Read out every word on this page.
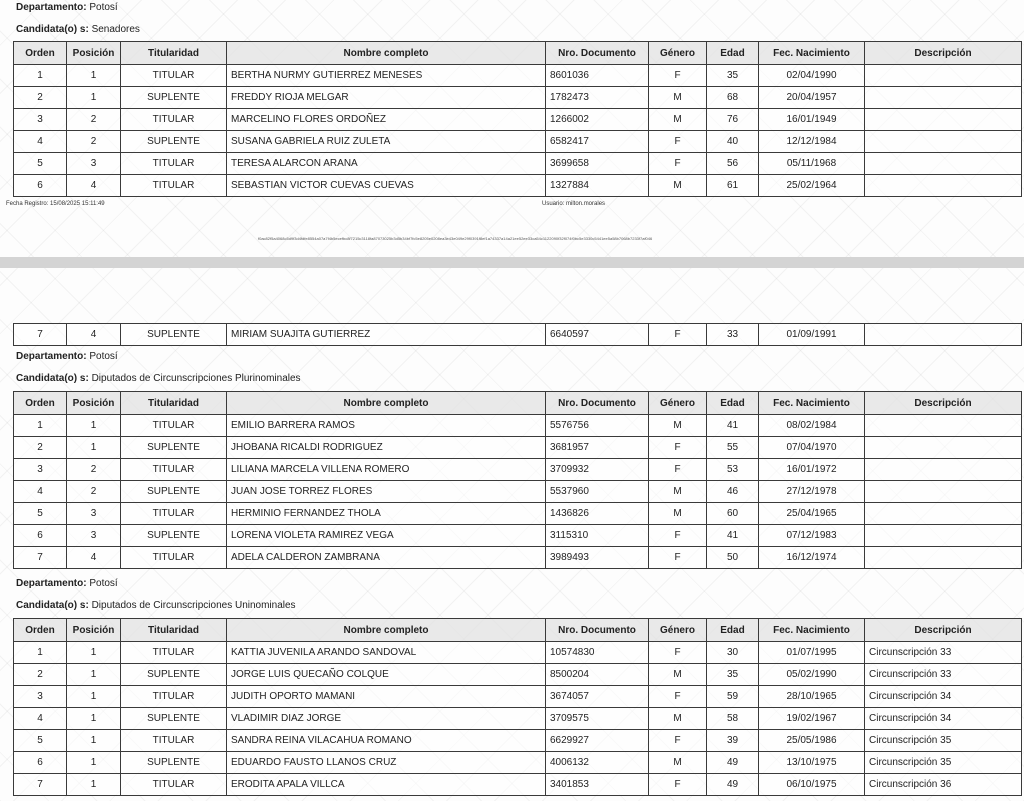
Departamento: Potosí
Candidata(o) s: Senadores
Orden	Posición	Titularidad	Nombre completo	Nro. Documento	Género	Edad	Fec. Nacimiento	Descripción
1	1	TITULAR	BERTHA NURMY GUTIERREZ MENESES	8601036	F	35	02/04/1990	
2	1	SUPLENTE	FREDDY RIOJA MELGAR	1782473	M	68	20/04/1957	
3	2	TITULAR	MARCELINO FLORES ORDOÑEZ	1266002	M	76	16/01/1949	
4	2	SUPLENTE	SUSANA GABRIELA RUIZ ZULETA	6582417	F	40	12/12/1984	
5	3	TITULAR	TERESA ALARCON ARANA	3699658	F	56	05/11/1968	
6	4	TITULAR	SEBASTIAN VICTOR CUEVAS CUEVAS	1327884	M	61	25/02/1964	
Fecha Registro: 15/08/2025 15:11:49	Usuario: milton.morales
f0ac82f5a4068c5d9f3d4fdfe8554a07a7f4b5ecefbc8f7215c3118fa87073025b3d5b34bf7fc5e8205e0208ea3e43e049e29f0391f8ef1a74337a14a21ee52ee33ca54c1122090f32f074f0bc5e3330c5441ee5a58b7068b7233f7af046
7	4	SUPLENTE	MIRIAM SUAJITA GUTIERREZ	6640597	F	33	01/09/1991	
Departamento: Potosí
Candidata(o) s: Diputados de Circunscripciones Plurinominales
Orden	Posición	Titularidad	Nombre completo	Nro. Documento	Género	Edad	Fec. Nacimiento	Descripción
1	1	TITULAR	EMILIO BARRERA RAMOS	5576756	M	41	08/02/1984	
2	1	SUPLENTE	JHOBANA RICALDI RODRIGUEZ	3681957	F	55	07/04/1970	
3	2	TITULAR	LILIANA MARCELA VILLENA ROMERO	3709932	F	53	16/01/1972	
4	2	SUPLENTE	JUAN JOSE TORREZ FLORES	5537960	M	46	27/12/1978	
5	3	TITULAR	HERMINIO FERNANDEZ THOLA	1436826	M	60	25/04/1965	
6	3	SUPLENTE	LORENA VIOLETA RAMIREZ VEGA	3115310	F	41	07/12/1983	
7	4	TITULAR	ADELA CALDERON ZAMBRANA	3989493	F	50	16/12/1974	
Departamento: Potosí
Candidata(o) s: Diputados de Circunscripciones Uninominales
Orden	Posición	Titularidad	Nombre completo	Nro. Documento	Género	Edad	Fec. Nacimiento	Descripción
1	1	TITULAR	KATTIA JUVENILA ARANDO SANDOVAL	10574830	F	30	01/07/1995	Circunscripción 33
2	1	SUPLENTE	JORGE LUIS QUECAÑO COLQUE	8500204	M	35	05/02/1990	Circunscripción 33
3	1	TITULAR	JUDITH OPORTO MAMANI	3674057	F	59	28/10/1965	Circunscripción 34
4	1	SUPLENTE	VLADIMIR DIAZ JORGE	3709575	M	58	19/02/1967	Circunscripción 34
5	1	TITULAR	SANDRA REINA VILACAHUA ROMANO	6629927	F	39	25/05/1986	Circunscripción 35
6	1	SUPLENTE	EDUARDO FAUSTO LLANOS CRUZ	4006132	M	49	13/10/1975	Circunscripción 35
7	1	TITULAR	ERODITA APALA VILLCA	3401853	F	49	06/10/1975	Circunscripción 36
